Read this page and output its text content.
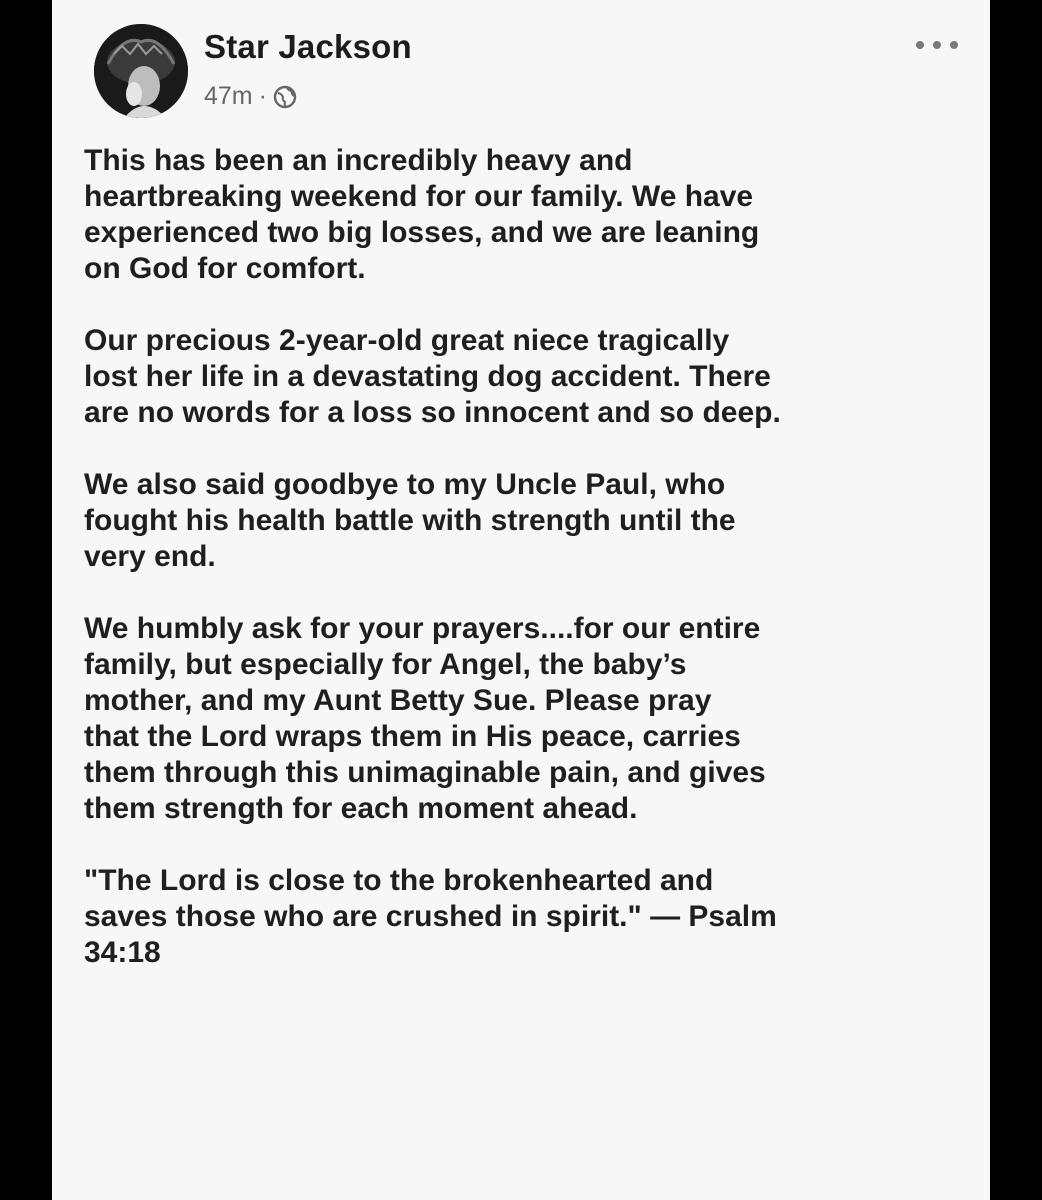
Star Jackson
47m ·

This has been an incredibly heavy and
heartbreaking weekend for our family. We have
experienced two big losses, and we are leaning
on God for comfort.

Our precious 2-year-old great niece tragically
lost her life in a devastating dog accident. There
are no words for a loss so innocent and so deep.

We also said goodbye to my Uncle Paul, who
fought his health battle with strength until the
very end.

We humbly ask for your prayers....for our entire
family, but especially for Angel, the baby’s
mother, and my Aunt Betty Sue. Please pray
that the Lord wraps them in His peace, carries
them through this unimaginable pain, and gives
them strength for each moment ahead.

"The Lord is close to the brokenhearted and
saves those who are crushed in spirit." — Psalm
34:18
